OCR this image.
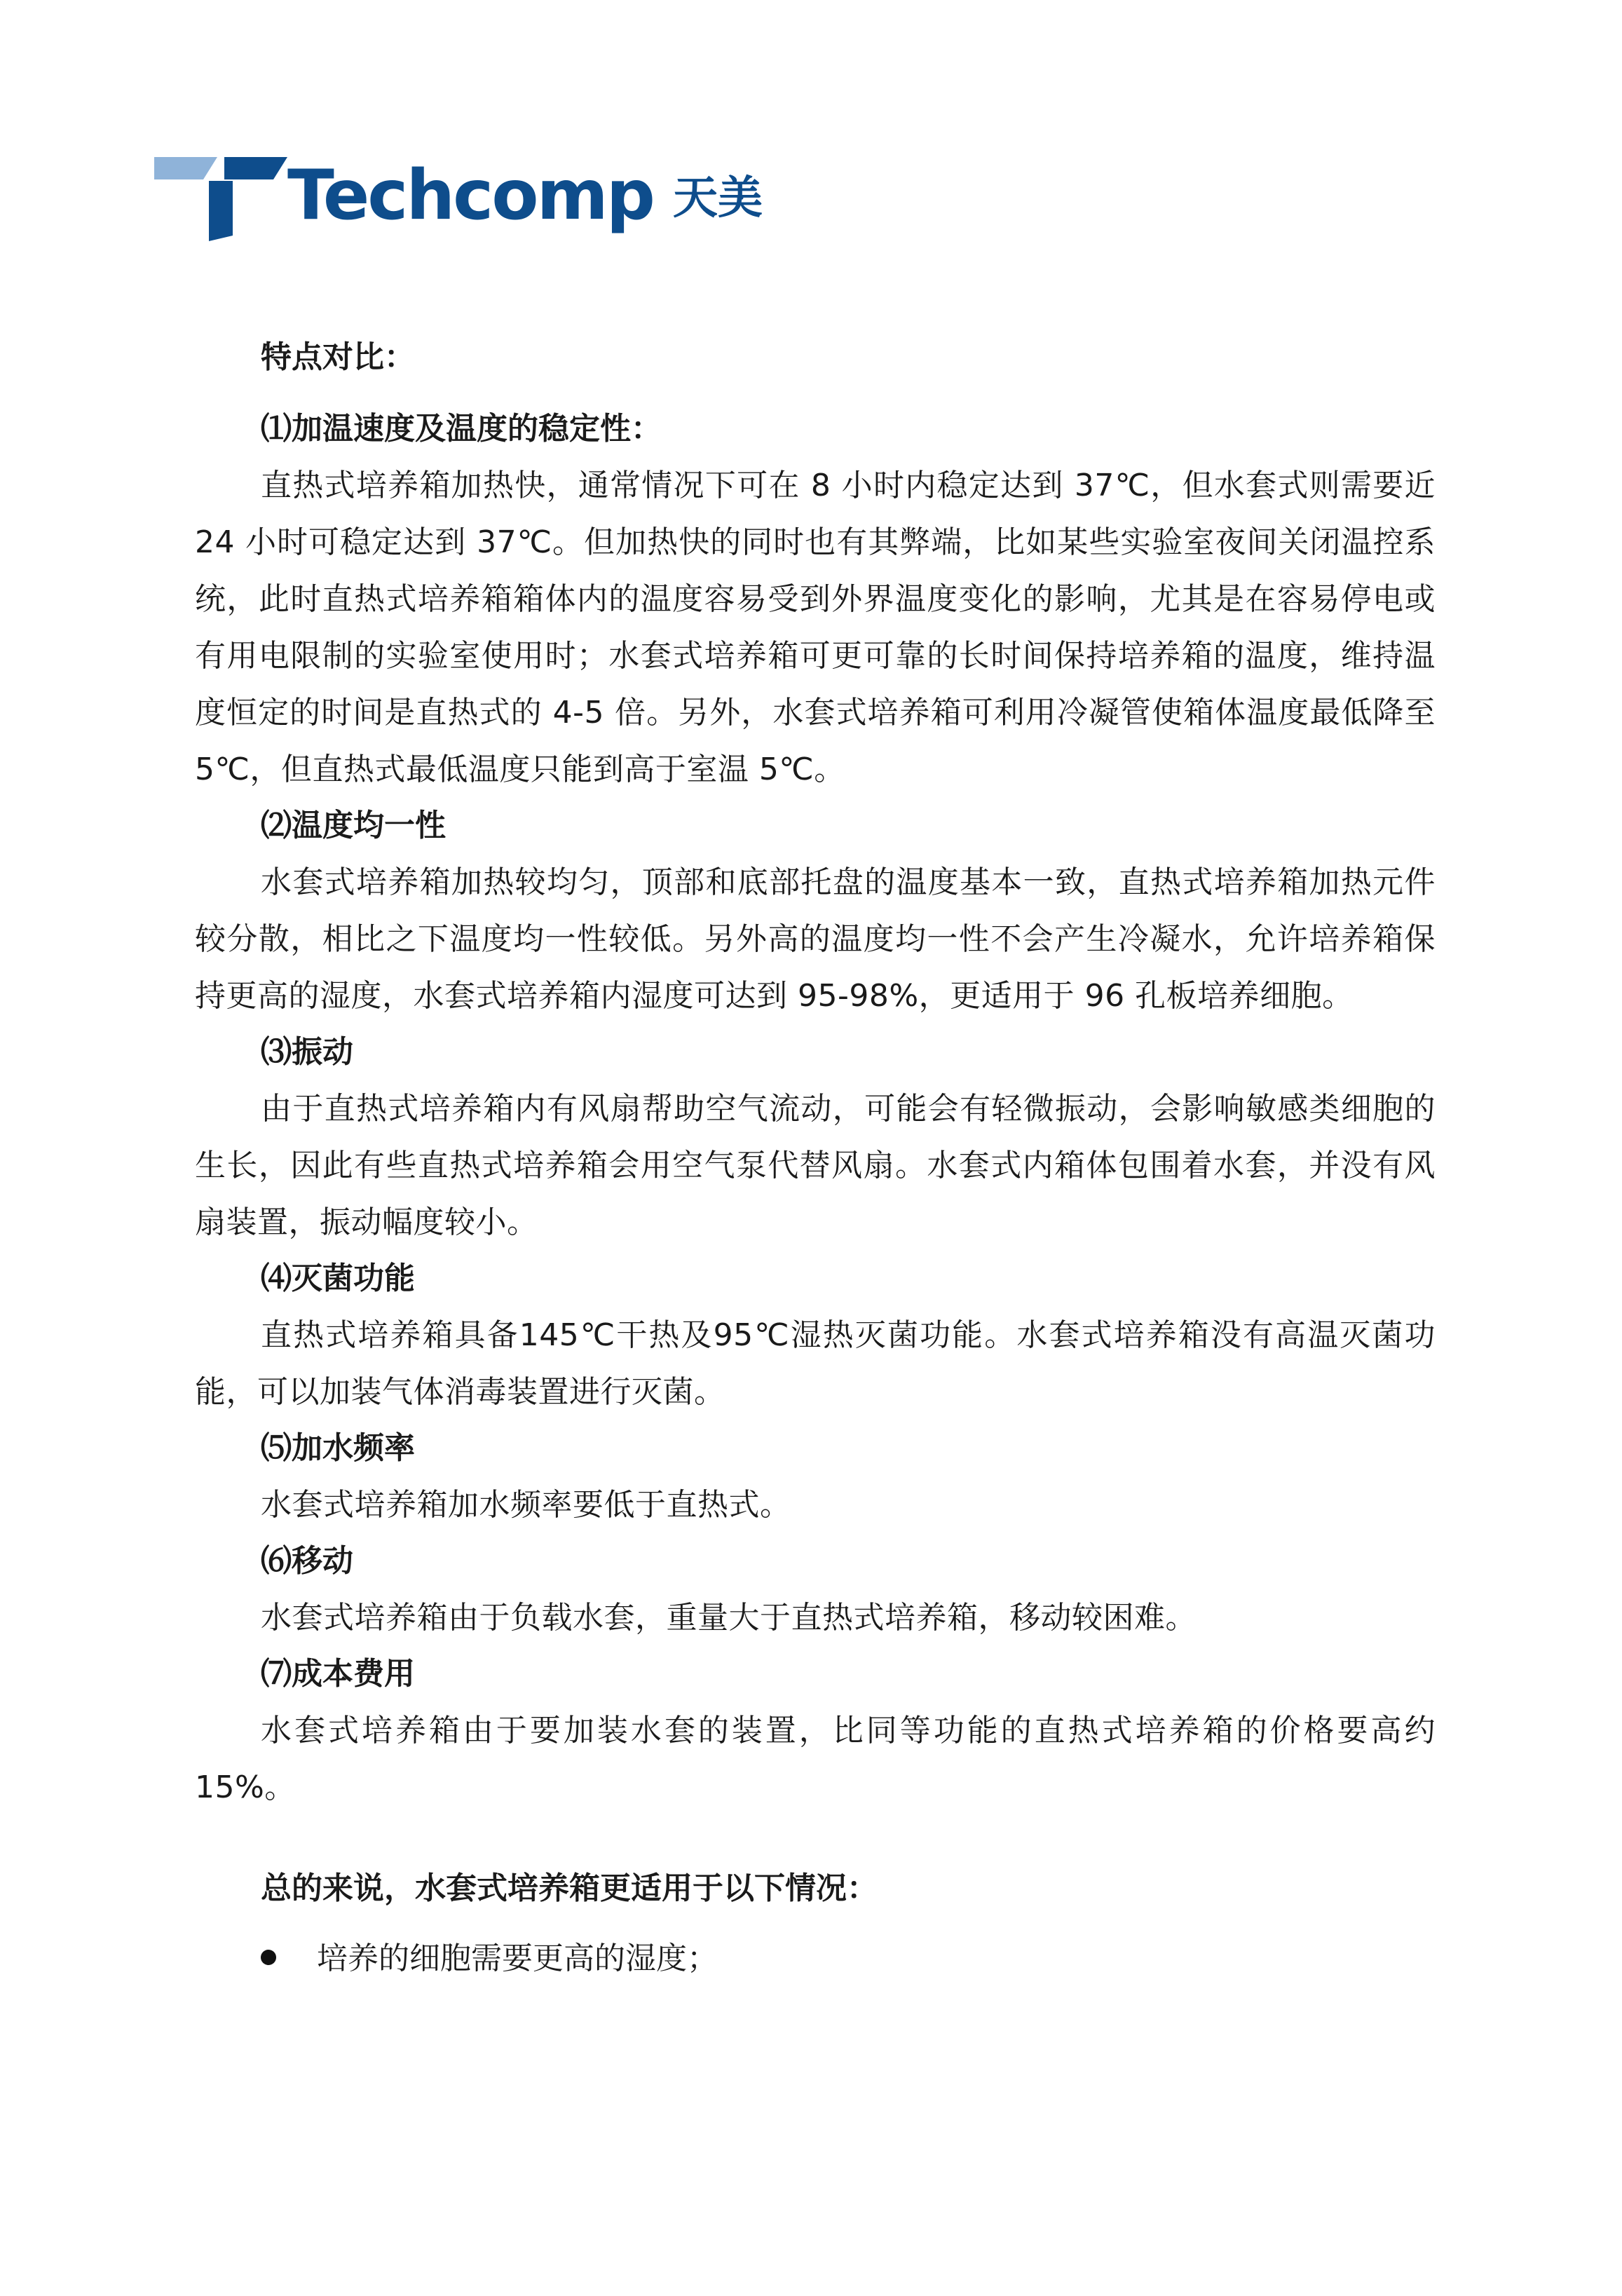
Techcomp 天美

特点对比：

⑴加温速度及温度的稳定性：

直热式培养箱加热快，通常情况下可在 8 小时内稳定达到 37℃，但水套式则需要近 24 小时可稳定达到 37℃。但加热快的同时也有其弊端，比如某些实验室夜间关闭温控系统，此时直热式培养箱箱体内的温度容易受到外界温度变化的影响，尤其是在容易停电或有用电限制的实验室使用时；水套式培养箱可更可靠的长时间保持培养箱的温度，维持温度恒定的时间是直热式的 4-5 倍。另外，水套式培养箱可利用冷凝管使箱体温度最低降至 5℃，但直热式最低温度只能到高于室温 5℃。

⑵温度均一性

水套式培养箱加热较均匀，顶部和底部托盘的温度基本一致，直热式培养箱加热元件较分散，相比之下温度均一性较低。另外高的温度均一性不会产生冷凝水，允许培养箱保持更高的湿度，水套式培养箱内湿度可达到 95-98%，更适用于 96 孔板培养细胞。

⑶振动

由于直热式培养箱内有风扇帮助空气流动，可能会有轻微振动，会影响敏感类细胞的生长，因此有些直热式培养箱会用空气泵代替风扇。水套式内箱体包围着水套，并没有风扇装置，振动幅度较小。

⑷灭菌功能

直热式培养箱具备145℃干热及95℃湿热灭菌功能。水套式培养箱没有高温灭菌功能，可以加装气体消毒装置进行灭菌。

⑸加水频率

水套式培养箱加水频率要低于直热式。

⑹移动

水套式培养箱由于负载水套，重量大于直热式培养箱，移动较困难。

⑺成本费用

水套式培养箱由于要加装水套的装置，比同等功能的直热式培养箱的价格要高约15%。

总的来说，水套式培养箱更适用于以下情况：

培养的细胞需要更高的湿度；
